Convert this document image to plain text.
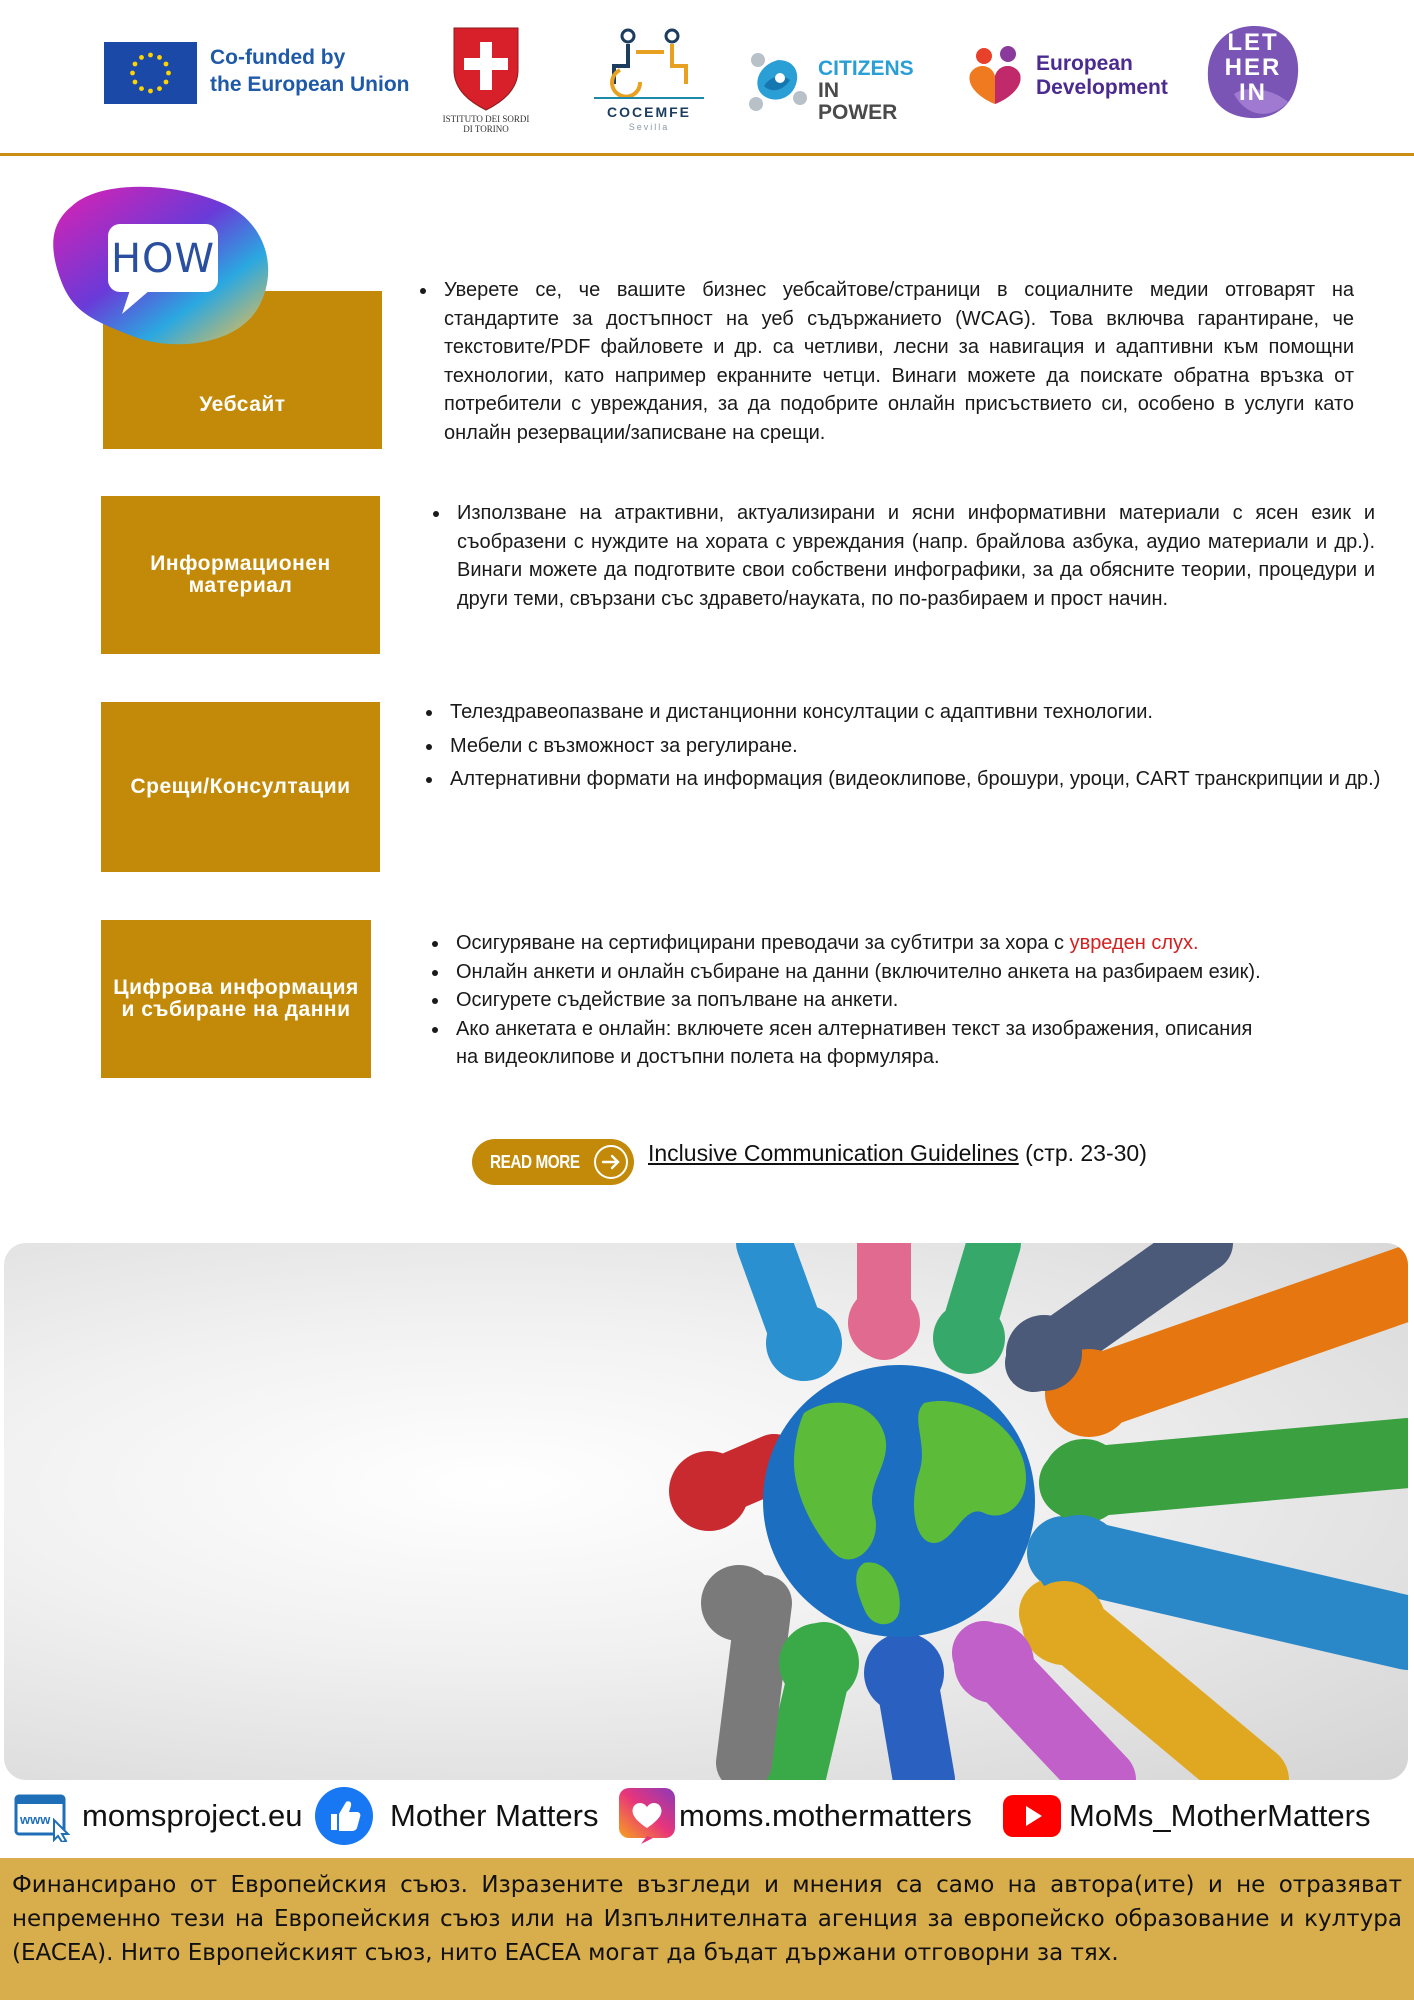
Co-funded by
the European Union
ISTITUTO DEI SORDI
DI TORINO
COCEMFE
Sevilla
CITIZENS
IN POWER
European
Development
LET
HER
IN
Уебсайт
HOW
• Уверете се, че вашите бизнес уебсайтове/страници в социалните медии отговарят на стандартите за достъпност на уеб съдържанието (WCAG). Това включва гарантиране, че текстовите/PDF файловете и др. са четливи, лесни за навигация и адаптивни към помощни технологии, като например екранните четци. Винаги можете да поискате обратна връзка от потребители с увреждания, за да подобрите онлайн присъствието си, особено в услуги като онлайн резервации/записване на срещи.
Информационен материал
• Използване на атрактивни, актуализирани и ясни информативни материали с ясен език и съобразени с нуждите на хората с увреждания (напр. брайлова азбука, аудио материали и др.). Винаги можете да подготвите свои собствени инфографики, за да обясните теории, процедури и други теми, свързани със здравето/науката, по по-разбираем и прост начин.
Срещи/Консултации
• Телездравеопазване и дистанционни консултации с адаптивни технологии.
• Мебели с възможност за регулиране.
• Алтернативни формати на информация (видеоклипове, брошури, уроци, CART транскрипции и др.)
Цифрова информация и събиране на данни
• Осигуряване на сертифицирани преводачи за субтитри за хора с увреден слух.
• Онлайн анкети и онлайн събиране на данни (включително анкета на разбираем език).
• Осигурете съдействие за попълване на анкети.
• Ако анкетата е онлайн: включете ясен алтернативен текст за изображения, описания на видеоклипове и достъпни полета на формуляра.
READ MORE	Inclusive Communication Guidelines (стр. 23-30)
www momsproject.eu	Mother Matters	moms.mothermatters	MoMs_MotherMatters
Финансирано от Европейския съюз. Изразените възгледи и мнения са само на автора(ите) и не отразяват непременно тези на Европейския съюз или на Изпълнителната агенция за европейско образование и култура (EACEA). Нито Европейският съюз, нито EACEA могат да бъдат държани отговорни за тях.
